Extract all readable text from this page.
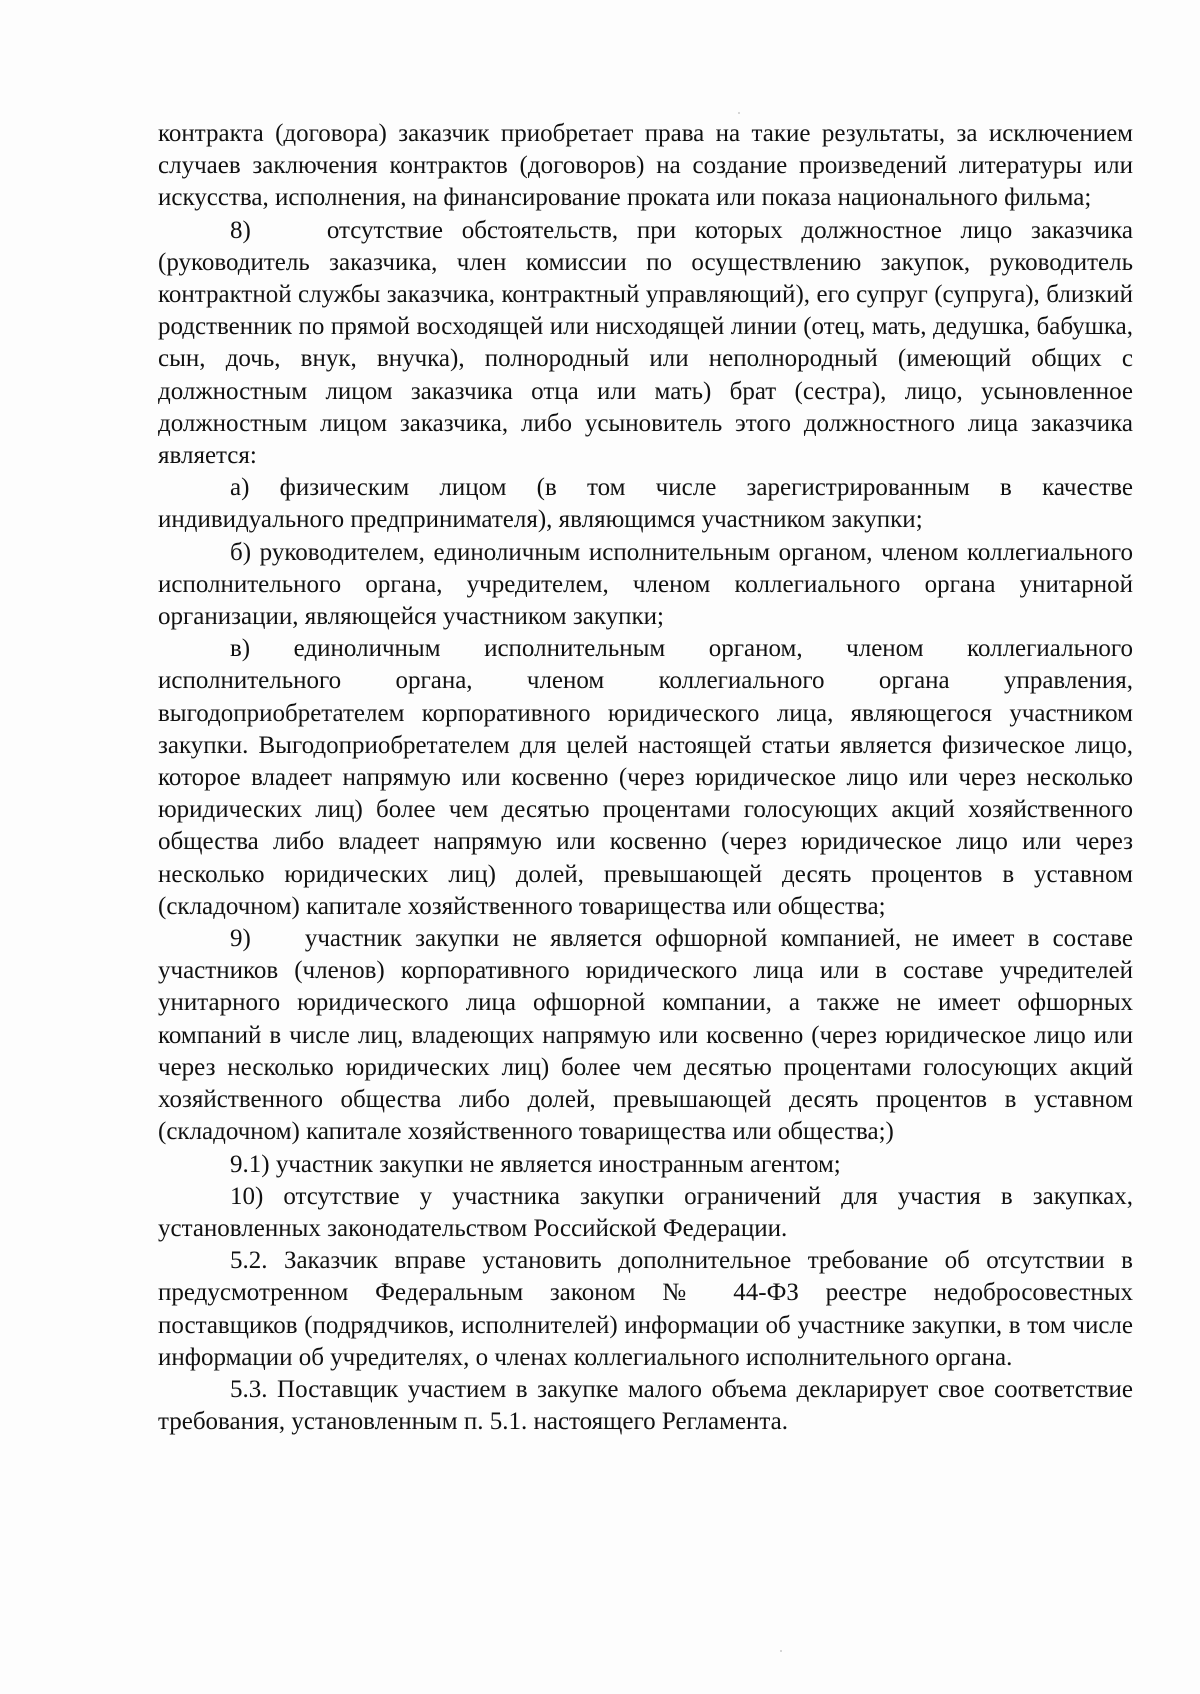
контракта (договора) заказчик приобретает права на такие результаты, за исключением случаев заключения контрактов (договоров) на создание произведений литературы или искусства, исполнения, на финансирование проката или показа национального фильма;

8)	отсутствие обстоятельств, при которых должностное лицо заказчика (руководитель заказчика, член комиссии по осуществлению закупок, руководитель контрактной службы заказчика, контрактный управляющий), его супруг (супруга), близкий родственник по прямой восходящей или нисходящей линии (отец, мать, дедушка, бабушка, сын, дочь, внук, внучка), полнородный или неполнородный (имеющий общих с должностным лицом заказчика отца или мать) брат (сестра), лицо, усыновленное должностным лицом заказчика, либо усыновитель этого должностного лица заказчика является:

а) физическим лицом (в том числе зарегистрированным в качестве индивидуального предпринимателя), являющимся участником закупки;

б) руководителем, единоличным исполнительным органом, членом коллегиального исполнительного органа, учредителем, членом коллегиального органа унитарной организации, являющейся участником закупки;

в) единоличным исполнительным органом, членом коллегиального исполнительного органа, членом коллегиального органа управления, выгодоприобретателем корпоративного юридического лица, являющегося участником закупки. Выгодоприобретателем для целей настоящей статьи является физическое лицо, которое владеет напрямую или косвенно (через юридическое лицо или через несколько юридических лиц) более чем десятью процентами голосующих акций хозяйственного общества либо владеет напрямую или косвенно (через юридическое лицо или через несколько юридических лиц) долей, превышающей десять процентов в уставном (складочном) капитале хозяйственного товарищества или общества;

9) участник закупки не является офшорной компанией, не имеет в составе участников (членов) корпоративного юридического лица или в составе учредителей унитарного юридического лица офшорной компании, а также не имеет офшорных компаний в числе лиц, владеющих напрямую или косвенно (через юридическое лицо или через несколько юридических лиц) более чем десятью процентами голосующих акций хозяйственного общества либо долей, превышающей десять процентов в уставном (складочном) капитале хозяйственного товарищества или общества;)

9.1) участник закупки не является иностранным агентом;

10) отсутствие у участника закупки ограничений для участия в закупках, установленных законодательством Российской Федерации.

5.2. Заказчик вправе установить дополнительное требование об отсутствии в предусмотренном Федеральным законом № 44-ФЗ реестре недобросовестных поставщиков (подрядчиков, исполнителей) информации об участнике закупки, в том числе информации об учредителях, о членах коллегиального исполнительного органа.

5.3. Поставщик участием в закупке малого объема декларирует свое соответствие требования, установленным п. 5.1. настоящего Регламента.
